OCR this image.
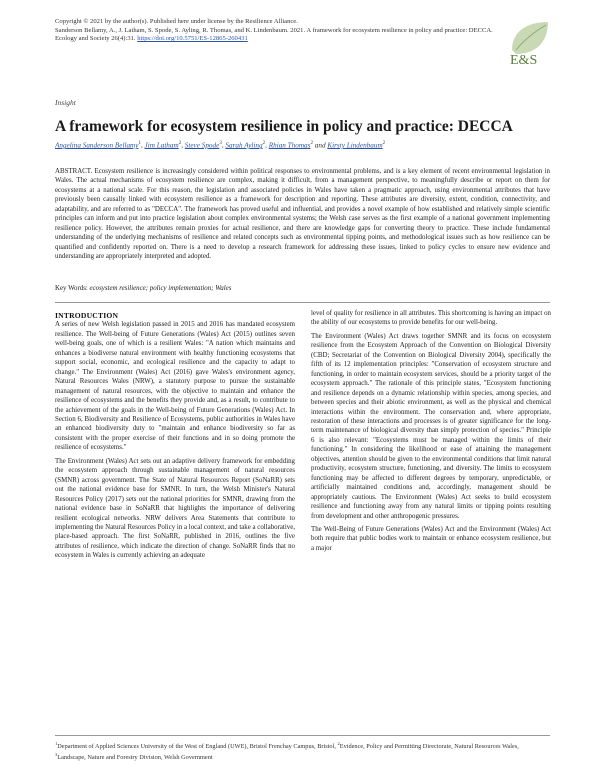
Copyright © 2021 by the author(s). Published here under license by the Resilience Alliance.
Sanderson Bellamy, A., J. Latham, S. Spode, S. Ayling, R. Thomas, and K. Lindenbaum. 2021. A framework for ecosystem resilience in policy and practice: DECCA. Ecology and Society 26(4):31. https://doi.org/10.5751/ES-12865-260431
E&S
Insight
A framework for ecosystem resilience in policy and practice: DECCA
Angelina Sanderson Bellamy$^1$, Jim Latham$^2$, Steve Spode$^3$, Sarah Ayling$^2$, Rhian Thomas$^2$ and Kirsty Lindenbaum$^2$
ABSTRACT. Ecosystem resilience is increasingly considered within political responses to environmental problems, and is a key element of recent environmental legislation in Wales. The actual mechanisms of ecosystem resilience are complex, making it difficult, from a management perspective, to meaningfully describe or report on them for ecosystems at a national scale. For this reason, the legislation and associated policies in Wales have taken a pragmatic approach, using environmental attributes that have previously been causally linked with ecosystem resilience as a framework for description and reporting. These attributes are diversity, extent, condition, connectivity, and adaptability, and are referred to as "DECCA". The framework has proved useful and influential, and provides a novel example of how established and relatively simple scientific principles can inform and put into practice legislation about complex environmental systems; the Welsh case serves as the first example of a national government implementing resilience policy. However, the attributes remain proxies for actual resilience, and there are knowledge gaps for converting theory to practice. These include fundamental understanding of the underlying mechanisms of resilience and related concepts such as environmental tipping points, and methodological issues such as how resilience can be quantified and confidently reported on. There is a need to develop a research framework for addressing these issues, linked to policy cycles to ensure new evidence and understanding are appropriately interpreted and adopted.
Key Words: ecosystem resilience; policy implementation; Wales
INTRODUCTION

A series of new Welsh legislation passed in 2015 and 2016 has mandated ecosystem resilience. The Well-being of Future Generations (Wales) Act (2015) outlines seven well-being goals, one of which is a resilient Wales: "A nation which maintains and enhances a biodiverse natural environment with healthy functioning ecosystems that support social, economic, and ecological resilience and the capacity to adapt to change." The Environment (Wales) Act (2016) gave Wales's environment agency, Natural Resources Wales (NRW), a statutory purpose to pursue the sustainable management of natural resources, with the objective to maintain and enhance the resilience of ecosystems and the benefits they provide and, as a result, to contribute to the achievement of the goals in the Well-being of Future Generations (Wales) Act. In Section 6, Biodiversity and Resilience of Ecosystems, public authorities in Wales have an enhanced biodiversity duty to "maintain and enhance biodiversity so far as consistent with the proper exercise of their functions and in so doing promote the resilience of ecosystems."

The Environment (Wales) Act sets out an adaptive delivery framework for embedding the ecosystem approach through sustainable management of natural resources (SMNR) across government. The State of Natural Resources Report (SoNaRR) sets out the national evidence base for SMNR. In turn, the Welsh Minister's Natural Resources Policy (2017) sets out the national priorities for SMNR, drawing from the national evidence base in SoNaRR that highlights the importance of delivering resilient ecological networks. NRW delivers Area Statements that contribute to implementing the Natural Resources Policy in a local context, and take a collaborative, place-based approach. The first SoNaRR, published in 2016, outlines the five attributes of resilience, which indicate the direction of change. SoNaRR finds that no ecosystem in Wales is currently achieving an adequate

level of quality for resilience in all attributes. This shortcoming is having an impact on the ability of our ecosystems to provide benefits for our well-being.

The Environment (Wales) Act draws together SMNR and its focus on ecosystem resilience from the Ecosystem Approach of the Convention on Biological Diversity (CBD; Secretariat of the Convention on Biological Diversity 2004), specifically the fifth of its 12 implementation principles: "Conservation of ecosystem structure and functioning, in order to maintain ecosystem services, should be a priority target of the ecosystem approach." The rationale of this principle states, "Ecosystem functioning and resilience depends on a dynamic relationship within species, among species, and between species and their abiotic environment, as well as the physical and chemical interactions within the environment. The conservation and, where appropriate, restoration of these interactions and processes is of greater significance for the long-term maintenance of biological diversity than simply protection of species." Principle 6 is also relevant: "Ecosystems must be managed within the limits of their functioning." In considering the likelihood or ease of attaining the management objectives, attention should be given to the environmental conditions that limit natural productivity, ecosystem structure, functioning, and diversity. The limits to ecosystem functioning may be affected to different degrees by temporary, unpredictable, or artificially maintained conditions and, accordingly, management should be appropriately cautious. The Environment (Wales) Act seeks to build ecosystem resilience and functioning away from any natural limits or tipping points resulting from development and other anthropogenic pressures.

The Well-Being of Future Generations (Wales) Act and the Environment (Wales) Act both require that public bodies work to maintain or enhance ecosystem resilience, but a major

$^1$Department of Applied Sciences University of the West of England (UWE), Bristol Frenchay Campus, Bristol, $^2$Evidence, Policy and Permitting Directorate, Natural Resources Wales, $^3$Landscape, Nature and Forestry Division, Welsh Government
